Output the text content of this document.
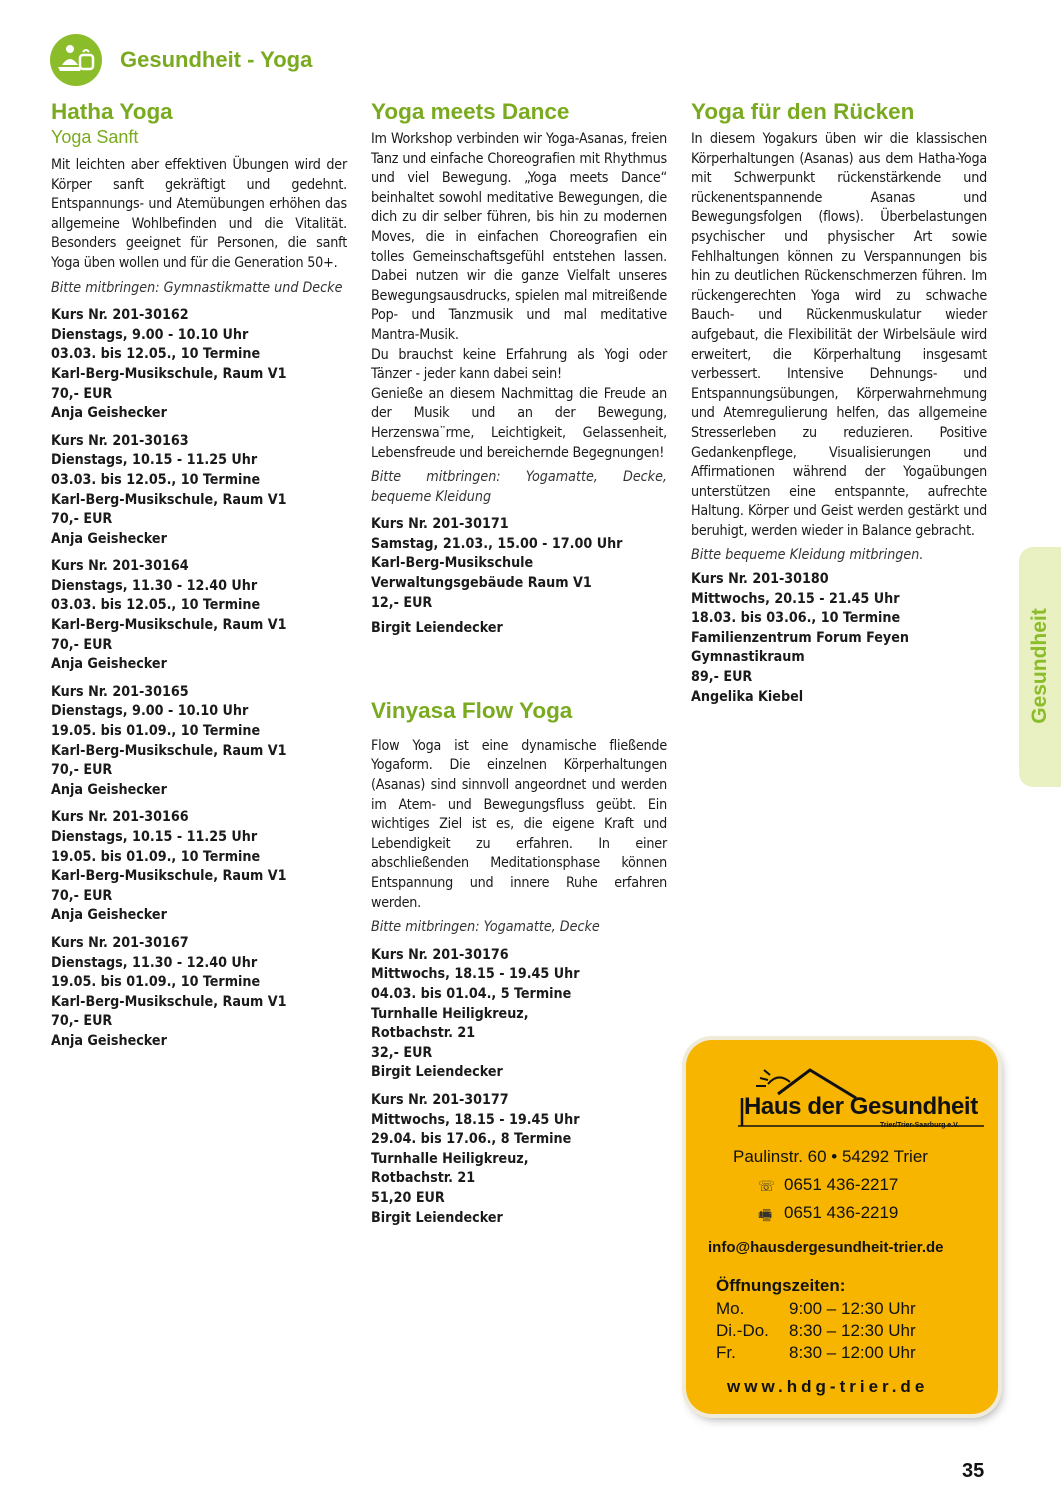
Gesundheit - Yoga
Hatha Yoga
Yoga Sanft

Mit leichten aber effektiven Übungen wird der Körper sanft gekräftigt und gedehnt. Entspannungs- und Atemübungen erhöhen das allgemeine Wohlbefinden und die Vitalität. Besonders geeignet für Personen, die sanft Yoga üben wollen und für die Generation 50+.

Bitte mitbringen: Gymnastikmatte und Decke

Kurs Nr. 201-30162
Dienstags, 9.00 - 10.10 Uhr
03.03. bis 12.05., 10 Termine
Karl-Berg-Musikschule, Raum V1
70,- EUR
Anja Geishecker
Kurs Nr. 201-30163
Dienstags, 10.15 - 11.25 Uhr
03.03. bis 12.05., 10 Termine
Karl-Berg-Musikschule, Raum V1
70,- EUR
Anja Geishecker
Kurs Nr. 201-30164
Dienstags, 11.30 - 12.40 Uhr
03.03. bis 12.05., 10 Termine
Karl-Berg-Musikschule, Raum V1
70,- EUR
Anja Geishecker
Kurs Nr. 201-30165
Dienstags, 9.00 - 10.10 Uhr
19.05. bis 01.09., 10 Termine
Karl-Berg-Musikschule, Raum V1
70,- EUR
Anja Geishecker
Kurs Nr. 201-30166
Dienstags, 10.15 - 11.25 Uhr
19.05. bis 01.09., 10 Termine
Karl-Berg-Musikschule, Raum V1
70,- EUR
Anja Geishecker
Kurs Nr. 201-30167
Dienstags, 11.30 - 12.40 Uhr
19.05. bis 01.09., 10 Termine
Karl-Berg-Musikschule, Raum V1
70,- EUR
Anja Geishecker
Yoga meets Dance

Im Workshop verbinden wir Yoga-Asanas, freien Tanz und einfache Choreografien mit Rhythmus und viel Bewegung. „Yoga meets Dance“ beinhaltet sowohl meditative Bewegungen, die dich zu dir selber führen, bis hin zu modernen Moves, die in einfachen Choreografien ein tolles Gemeinschaftsgefühl entstehen lassen. Dabei nutzen wir die ganze Vielfalt unseres Bewegungsausdrucks, spielen mal mitreißende Pop- und Tanzmusik und mal meditative Mantra-Musik.

Du brauchst keine Erfahrung als Yogi oder Tänzer - jeder kann dabei sein!

Genieße an diesem Nachmittag die Freude an der Musik und an der Bewegung, Herzenswa¨rme, Leichtigkeit, Gelassenheit, Lebensfreude und bereichernde Begegnungen!

Bitte mitbringen: Yogamatte, Decke, bequeme Kleidung

Kurs Nr. 201-30171
Samstag, 21.03., 15.00 - 17.00 Uhr
Karl-Berg-Musikschule
Verwaltungsgebäude Raum V1
12,- EUR
Birgit Leiendecker
Vinyasa Flow Yoga

Flow Yoga ist eine dynamische fließende Yogaform. Die einzelnen Körperhaltungen (Asanas) sind sinnvoll angeordnet und werden im Atem- und Bewegungsfluss geübt. Ein wichtiges Ziel ist es, die eigene Kraft und Lebendigkeit zu erfahren. In einer abschließenden Meditationsphase können Entspannung und innere Ruhe erfahren werden.

Bitte mitbringen: Yogamatte, Decke

Kurs Nr. 201-30176
Mittwochs, 18.15 - 19.45 Uhr
04.03. bis 01.04., 5 Termine
Turnhalle Heiligkreuz,
Rotbachstr. 21
32,- EUR
Birgit Leiendecker
Kurs Nr. 201-30177
Mittwochs, 18.15 - 19.45 Uhr
29.04. bis 17.06., 8 Termine
Turnhalle Heiligkreuz,
Rotbachstr. 21
51,20 EUR
Birgit Leiendecker
Yoga für den Rücken

In diesem Yogakurs üben wir die klassischen Körperhaltungen (Asanas) aus dem Hatha-Yoga mit Schwerpunkt rückenstärkende und rückenentspannende Asanas und Bewegungsfolgen (flows). Überbelastungen psychischer und physischer Art sowie Fehlhaltungen können zu Verspannungen bis hin zu deutlichen Rückenschmerzen führen. Im rückengerechten Yoga wird zu schwache Bauch- und Rückenmuskulatur wieder aufgebaut, die Flexibilität der Wirbelsäule wird erweitert, die Körperhaltung insgesamt verbessert. Intensive Dehnungs- und Entspannungsübungen, Körperwahrnehmung und Atemregulierung helfen, das allgemeine Stresserleben zu reduzieren. Positive Gedankenpflege, Visualisierungen und Affirmationen während der Yogaübungen unterstützen eine entspannte, aufrechte Haltung. Körper und Geist werden gestärkt und beruhigt, werden wieder in Balance gebracht.

Bitte bequeme Kleidung mitbringen.

Kurs Nr. 201-30180
Mittwochs, 20.15 - 21.45 Uhr
18.03. bis 03.06., 10 Termine
Familienzentrum Forum Feyen
Gymnastikraum
89,- EUR
Angelika Kiebel	Gesundheit
Haus der Gesundheit
Trier/Trier-Saarburg e.V.
Paulinstr. 60 • 54292 Trier
☏ 0651 436-2217
🖷 0651 436-2219
info@hausdergesundheit-trier.de
Öffnungszeiten:
Mo.	9:00 – 12:30 Uhr
Di.-Do.	8:30 – 12:30 Uhr
Fr.	8:30 – 12:00 Uhr
www.hdg-trier.de
35
